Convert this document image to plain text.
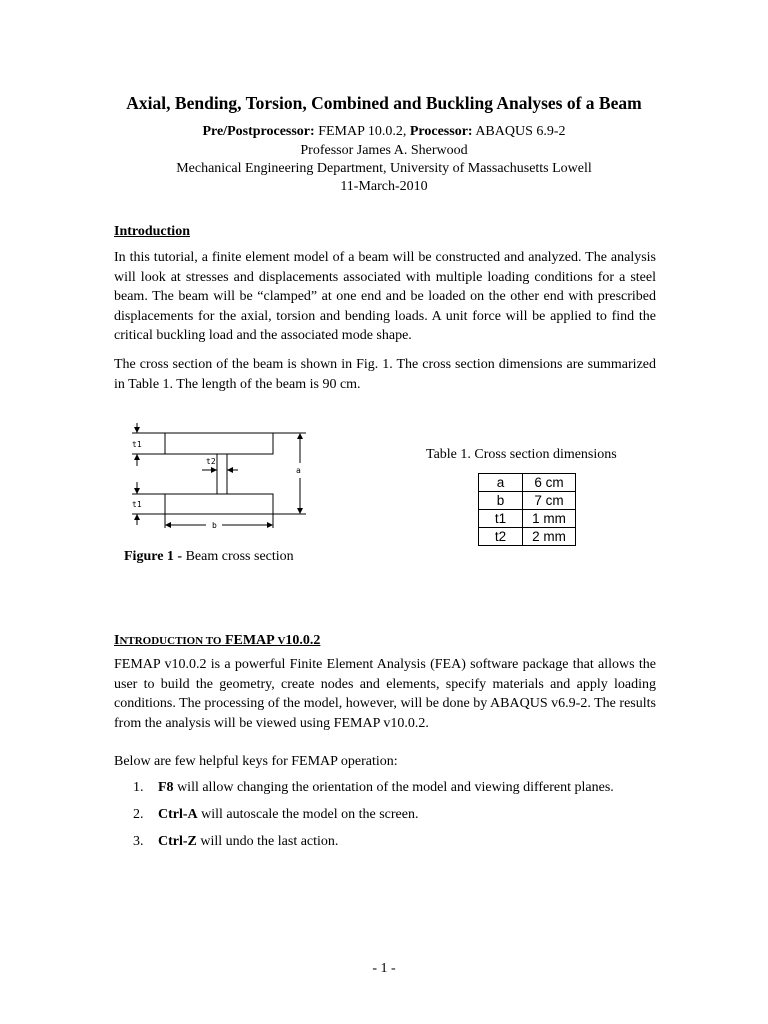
Axial, Bending, Torsion, Combined and Buckling Analyses of a Beam
Pre/Postprocessor: FEMAP 10.0.2, Processor: ABAQUS 6.9-2
Professor James A. Sherwood
Mechanical Engineering Department, University of Massachusetts Lowell
11-March-2010
Introduction

In this tutorial, a finite element model of a beam will be constructed and analyzed. The analysis will look at stresses and displacements associated with multiple loading conditions for a steel beam. The beam will be “clamped” at one end and be loaded on the other end with prescribed displacements for the axial, torsion and bending loads. A unit force will be applied to find the critical buckling load and the associated mode shape.

The cross section of the beam is shown in Fig. 1. The cross section dimensions are summarized in Table 1. The length of the beam is 90 cm.

t1
t2
a
t1
b
Figure 1 - Beam cross section
Table 1. Cross section dimensions
a	6 cm
b	7 cm
t1	1 mm
t2	2 mm
INTRODUCTION TO FEMAP V10.0.2

FEMAP v10.0.2 is a powerful Finite Element Analysis (FEA) software package that allows the user to build the geometry, create nodes and elements, specify materials and apply loading conditions. The processing of the model, however, will be done by ABAQUS v6.9-2. The results from the analysis will be viewed using FEMAP v10.0.2.

Below are few helpful keys for FEMAP operation:

1. F8 will allow changing the orientation of the model and viewing different planes.
2. Ctrl-A will autoscale the model on the screen.
3. Ctrl-Z will undo the last action.
- 1 -
